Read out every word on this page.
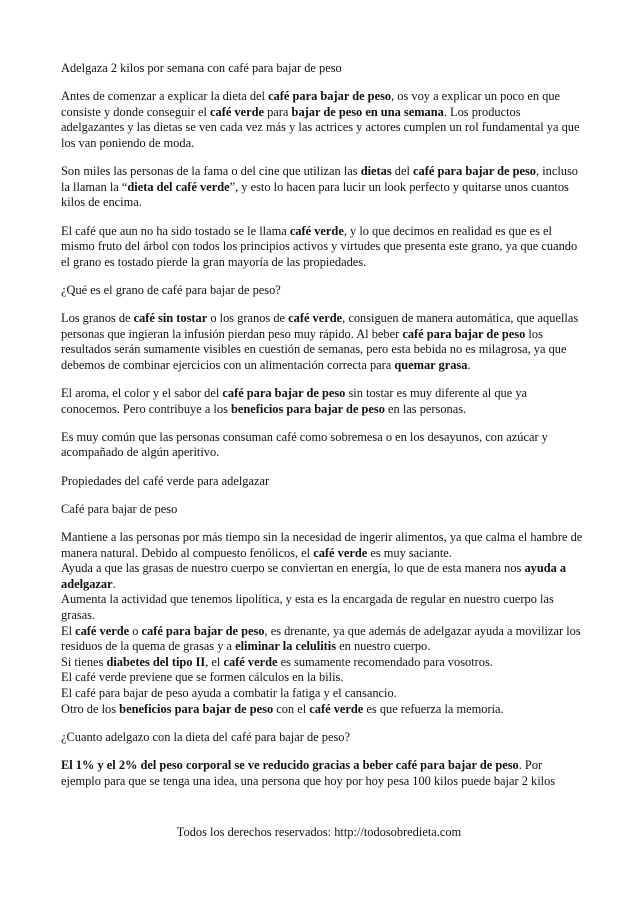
Adelgaza 2 kilos por semana con café para bajar de peso

Antes de comenzar a explicar la dieta del café para bajar de peso, os voy a explicar un poco en que consiste y donde conseguir el café verde para bajar de peso en una semana. Los productos adelgazantes y las dietas se ven cada vez más y las actrices y actores cumplen un rol fundamental ya que los van poniendo de moda.

Son miles las personas de la fama o del cine que utilizan las dietas del café para bajar de peso, incluso la llaman la “dieta del café verde”, y esto lo hacen para lucir un look perfecto y quitarse unos cuantos kilos de encima.

El café que aun no ha sido tostado se le llama café verde, y lo que decimos en realidad es que es el mismo fruto del árbol con todos los principios activos y virtudes que presenta este grano, ya que cuando el grano es tostado pierde la gran mayoría de las propiedades.

¿Qué es el grano de café para bajar de peso?

Los granos de café sin tostar o los granos de café verde, consiguen de manera automática, que aquellas personas que ingieran la infusión pierdan peso muy rápido. Al beber café para bajar de peso los resultados serán sumamente visibles en cuestión de semanas, pero esta bebida no es milagrosa, ya que debemos de combinar ejercicios con un alimentación correcta para quemar grasa.

El aroma, el color y el sabor del café para bajar de peso sin tostar es muy diferente al que ya conocemos. Pero contribuye a los beneficios para bajar de peso en las personas.

Es muy común que las personas consuman café como sobremesa o en los desayunos, con azúcar y acompañado de algún aperitivo.

Propiedades del café verde para adelgazar

Café para bajar de peso

Mantiene a las personas por más tiempo sin la necesidad de ingerir alimentos, ya que calma el hambre de manera natural. Debido al compuesto fenólicos, el café verde es muy saciante.
Ayuda a que las grasas de nuestro cuerpo se conviertan en energía, lo que de esta manera nos ayuda a adelgazar.
Aumenta la actividad que tenemos lipolítica, y esta es la encargada de regular en nuestro cuerpo las grasas.
El café verde o café para bajar de peso, es drenante, ya que además de adelgazar ayuda a movilizar los residuos de la quema de grasas y a eliminar la celulitis en nuestro cuerpo.
Si tienes diabetes del tipo II, el café verde es sumamente recomendado para vosotros.
El café verde previene que se formen cálculos en la bilis.
El café para bajar de peso ayuda a combatir la fatiga y el cansancio.
Otro de los beneficios para bajar de peso con el café verde es que refuerza la memoria.

¿Cuanto adelgazo con la dieta del café para bajar de peso?

El 1% y el 2% del peso corporal se ve reducido gracias a beber café para bajar de peso. Por ejemplo para que se tenga una idea, una persona que hoy por hoy pesa 100 kilos puede bajar 2 kilos

Todos los derechos reservados: http://todosobredieta.com
